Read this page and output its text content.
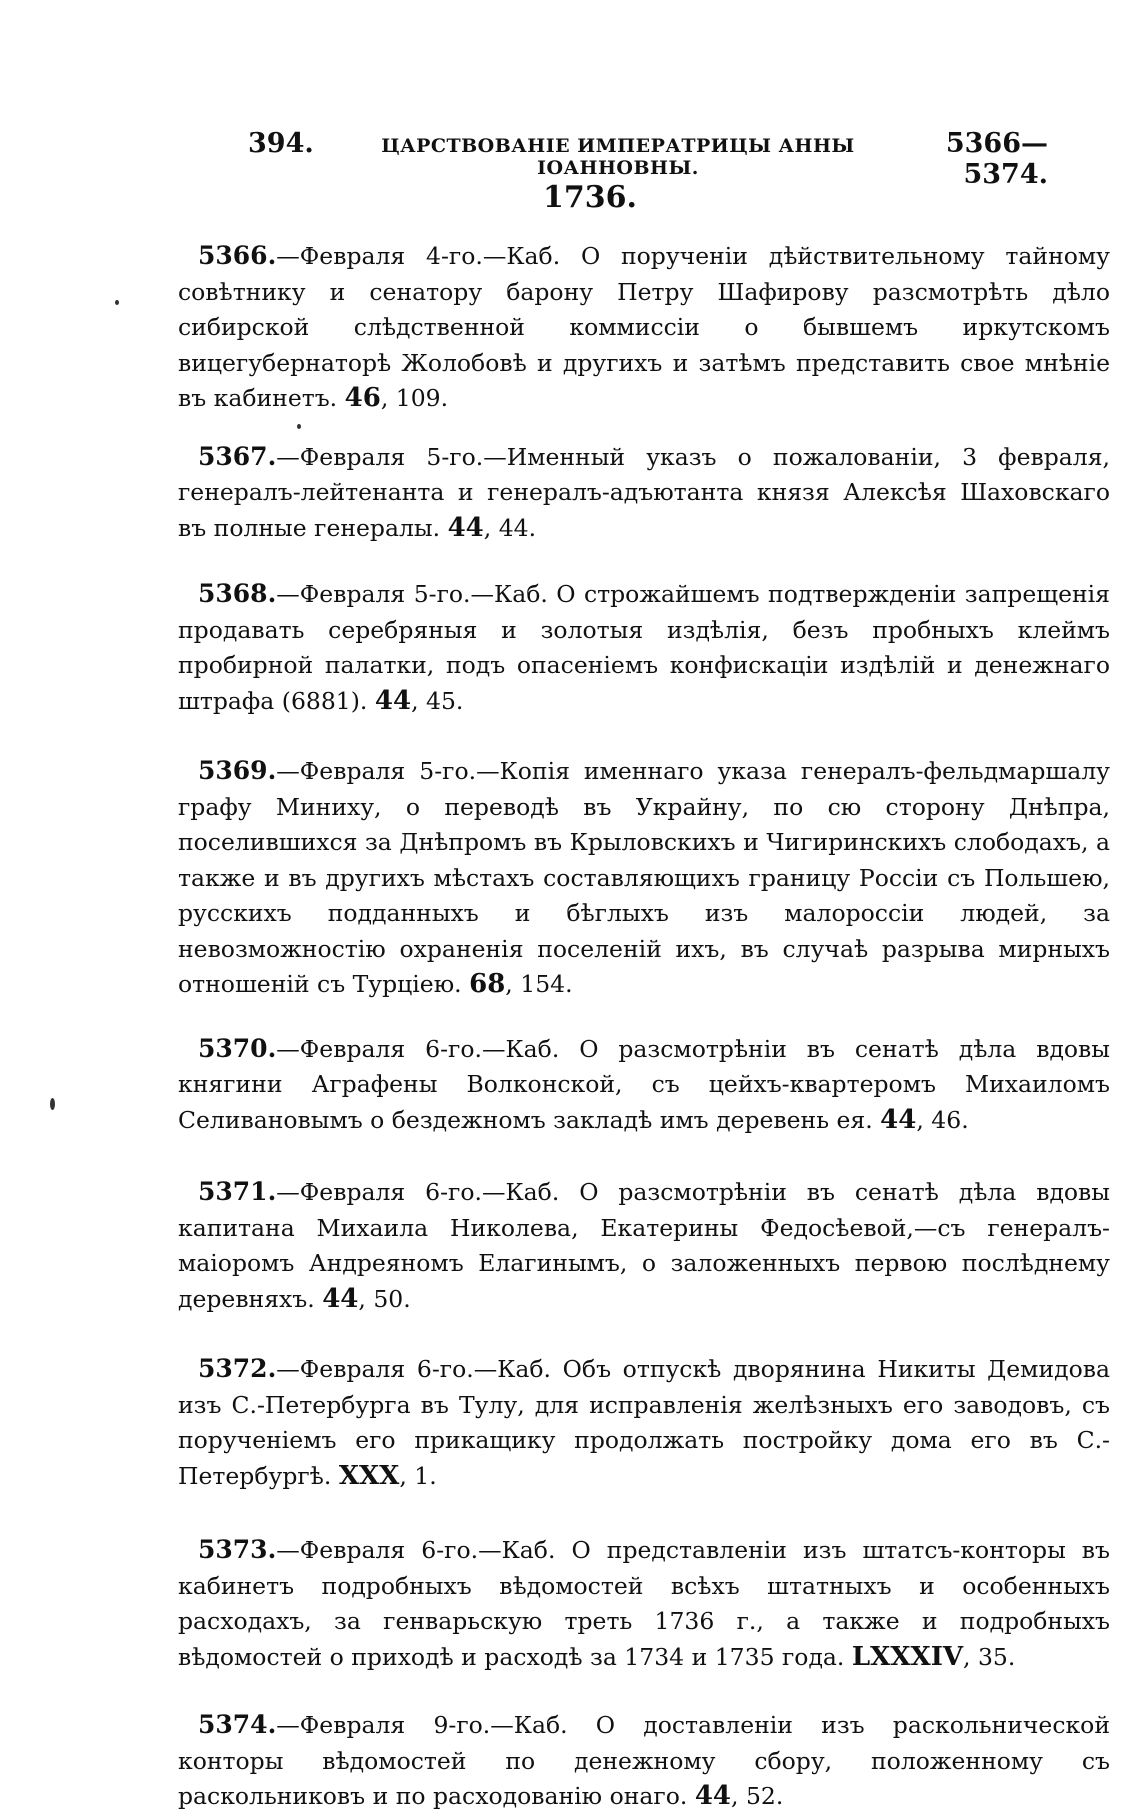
394.	ЦАРСТВОВАНІЕ ИМПЕРАТРИЦЫ АННЫ ІОАННОВНЫ.
5366—5374.
1736.

5366.—Февраля 4-го.—Каб. О порученіи дѣйствительному тайному совѣтнику и сенатору барону Петру Шафирову разсмотрѣть дѣло сибирской слѣдственной коммиссіи о бывшемъ иркутскомъ вицегубернаторѣ Жолобовѣ и другихъ и затѣмъ представить свое мнѣніе въ кабинетъ. 46, 109.

5367.—Февраля 5-го.—Именный указъ о пожалованіи, 3 февраля, генералъ-лейтенанта и генералъ-адъютанта князя Алексѣя Шаховскаго въ полные генералы. 44, 44.

5368.—Февраля 5-го.—Каб. О строжайшемъ подтвержденіи запрещенія продавать серебряныя и золотыя издѣлія, безъ пробныхъ клеймъ пробирной палатки, подъ опасеніемъ конфискаціи издѣлій и денежнаго штрафа (6881). 44, 45.

5369.—Февраля 5-го.—Копія именнаго указа генералъ-фельдмаршалу графу Миниху, о переводѣ въ Украйну, по сю сторону Днѣпра, поселившихся за Днѣпромъ въ Крыловскихъ и Чигиринскихъ слободахъ, а также и въ другихъ мѣстахъ составляющихъ границу Россіи съ Польшею, русскихъ подданныхъ и бѣглыхъ изъ малороссіи людей, за невозможностію охраненія поселеній ихъ, въ случаѣ разрыва мирныхъ отношеній съ Турціею. 68, 154.

5370.—Февраля 6-го.—Каб. О разсмотрѣніи въ сенатѣ дѣла вдовы княгини Аграфены Волконской, съ цейхъ-квартеромъ Михаиломъ Селивановымъ о бездежномъ закладѣ имъ деревень ея. 44, 46.

5371.—Февраля 6-го.—Каб. О разсмотрѣніи въ сенатѣ дѣла вдовы капитана Михаила Николева, Екатерины Федосѣевой,—съ генералъ-маіоромъ Андреяномъ Елагинымъ, о заложенныхъ первою послѣднему деревняхъ. 44, 50.

5372.—Февраля 6-го.—Каб. Объ отпускѣ дворянина Никиты Демидова изъ С.-Петербурга въ Тулу, для исправленія желѣзныхъ его заводовъ, съ порученіемъ его прикащику продолжать постройку дома его въ С.-Петербургѣ. XXX, 1.

5373.—Февраля 6-го.—Каб. О представленіи изъ штатсъ-конторы въ кабинетъ подробныхъ вѣдомостей всѣхъ штатныхъ и особенныхъ расходахъ, за генварьскую треть 1736 г., а также и подробныхъ вѣдомостей о приходѣ и расходѣ за 1734 и 1735 года. LXXXIV, 35.

5374.—Февраля 9-го.—Каб. О доставленіи изъ раскольнической конторы вѣдомостей по денежному сбору, положенному съ раскольниковъ и по расходованію онаго. 44, 52.
